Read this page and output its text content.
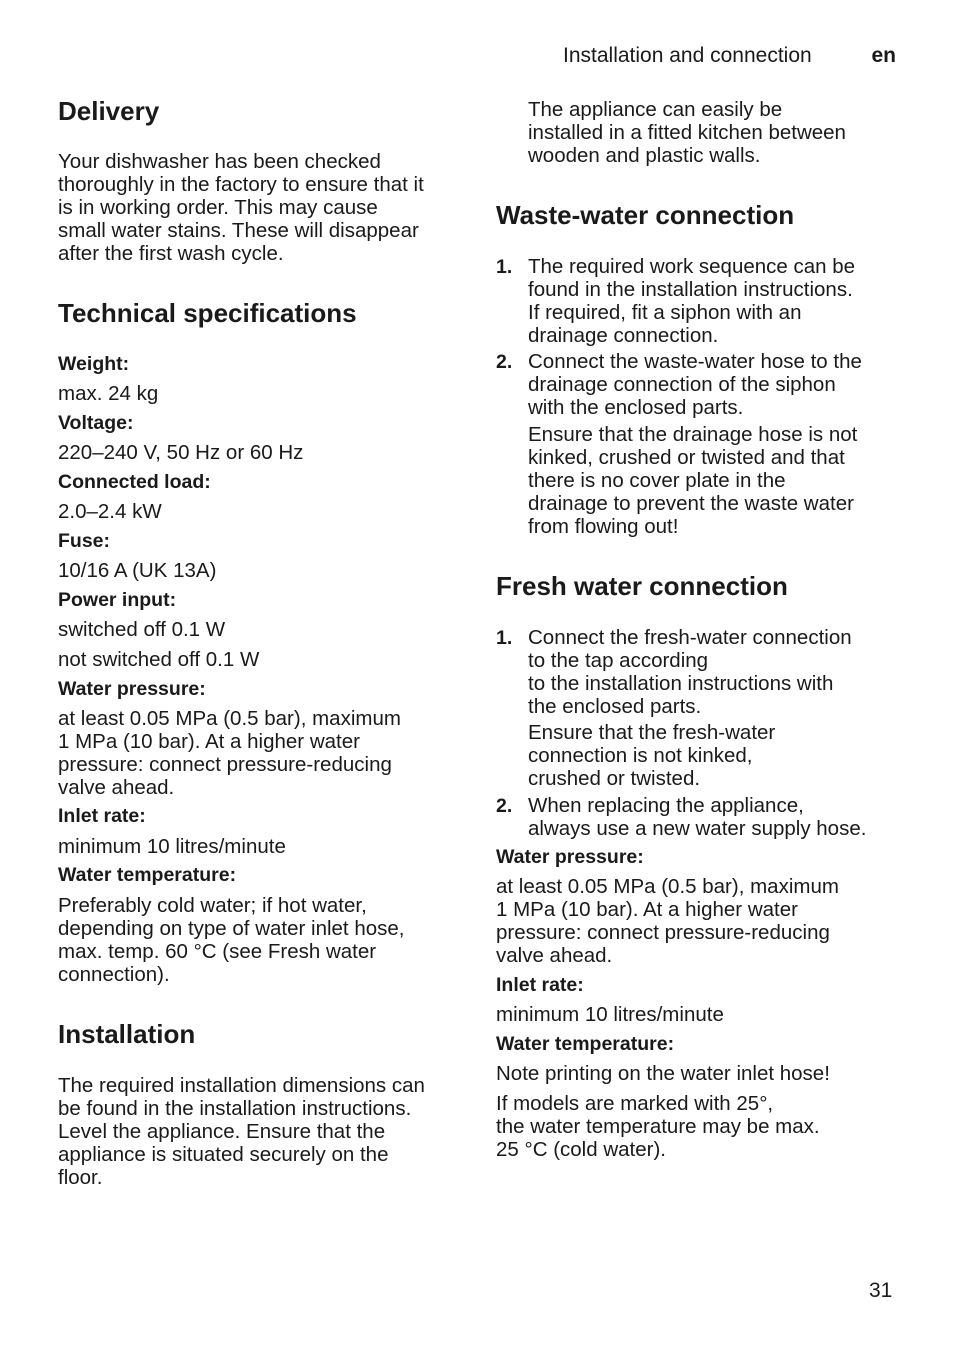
Installation and connection	en
Delivery

Your dishwasher has been checked
thoroughly in the factory to ensure that it
is in working order. This may cause
small water stains. These will disappear
after the first wash cycle.

Technical specifications

Weight:

max. 24 kg

Voltage:

220–240 V, 50 Hz or 60 Hz

Connected load:

2.0–2.4 kW

Fuse:

10/16 A (UK 13A)

Power input:

switched off 0.1 W

not switched off 0.1 W

Water pressure:

at least 0.05 MPa (0.5 bar), maximum
1 MPa (10 bar). At a higher water
pressure: connect pressure-reducing
valve ahead.

Inlet rate:

minimum 10 litres/minute

Water temperature:

Preferably cold water; if hot water,
depending on type of water inlet hose,
max. temp. 60 °C (see Fresh water
connection).

Installation

The required installation dimensions can
be found in the installation instructions.
Level the appliance. Ensure that the
appliance is situated securely on the
floor.

The appliance can easily be
installed in a fitted kitchen between
wooden and plastic walls.

Waste-water connection

1. The required work sequence can be
found in the installation instructions.
If required, fit a siphon with an
drainage connection.

2. Connect the waste-water hose to the
drainage connection of the siphon
with the enclosed parts.

Ensure that the drainage hose is not
kinked, crushed or twisted and that
there is no cover plate in the
drainage to prevent the waste water
from flowing out!

Fresh water connection

1. Connect the fresh-water connection
to the tap according
to the installation instructions with
the enclosed parts.

Ensure that the fresh-water
connection is not kinked,
crushed or twisted.

2. When replacing the appliance,
always use a new water supply hose.

Water pressure:

at least 0.05 MPa (0.5 bar), maximum
1 MPa (10 bar). At a higher water
pressure: connect pressure-reducing
valve ahead.

Inlet rate:

minimum 10 litres/minute

Water temperature:

Note printing on the water inlet hose!

If models are marked with 25°,
the water temperature may be max.
25 °C (cold water).

31
